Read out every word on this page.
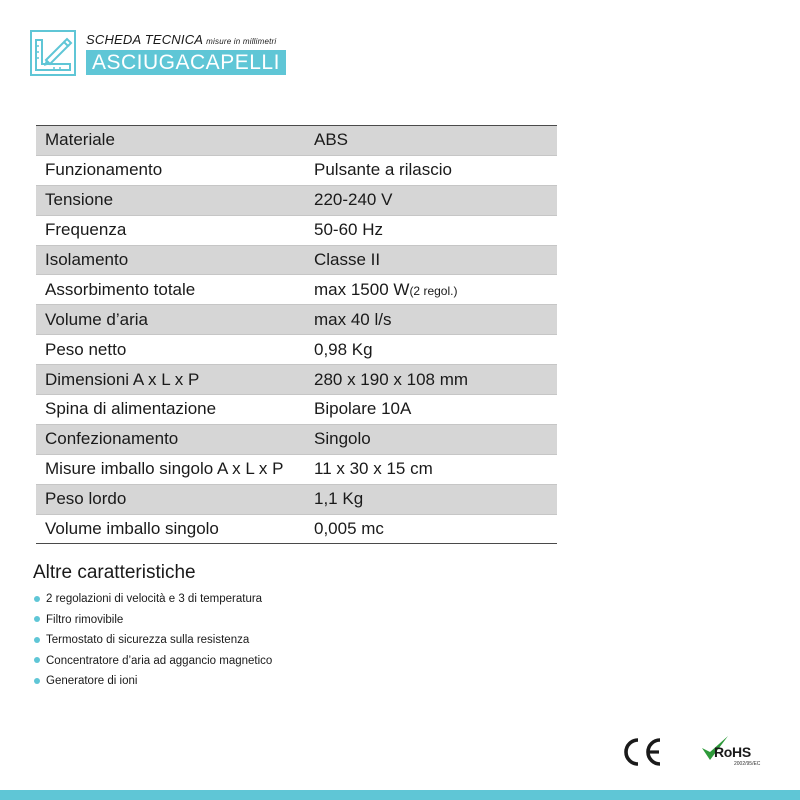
SCHEDA TECNICA misure in millimetri
ASCIUGACAPELLI
Materiale	ABS
Funzionamento	Pulsante a rilascio
Tensione	220-240 V
Frequenza	50-60 Hz
Isolamento	Classe II
Assorbimento totale	max 1500 W(2 regol.)
Volume d’aria	max 40 l/s
Peso netto	0,98 Kg
Dimensioni A x L x P	280 x 190 x 108 mm
Spina di alimentazione	Bipolare 10A
Confezionamento	Singolo
Misure imballo singolo A x L x P	11 x 30 x 15 cm
Peso lordo	1,1 Kg
Volume imballo singolo	0,005 mc
Altre caratteristiche
2 regolazioni di velocità e 3 di temperatura
Filtro rimovibile
Termostato di sicurezza sulla resistenza
Concentratore d’aria ad aggancio magnetico
Generatore di ioni
RoHS
2002/95/EC
